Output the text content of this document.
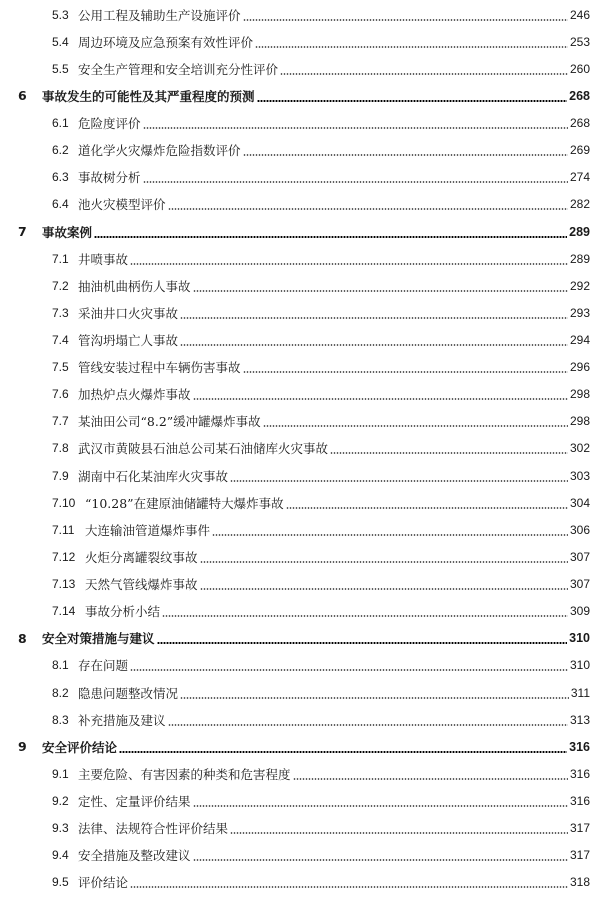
5.3 公用工程及辅助生产设施评价	246
5.4 周边环境及应急预案有效性评价	253
5.5 安全生产管理和安全培训充分性评价	260
6	事故发生的可能性及其严重程度的预测	268
6.1 危险度评价	268
6.2 道化学火灾爆炸危险指数评价	269
6.3 事故树分析	274
6.4 池火灾模型评价	282
7	事故案例	289
7.1 井喷事故	289
7.2 抽油机曲柄伤人事故	292
7.3 采油井口火灾事故	293
7.4 管沟坍塌亡人事故	294
7.5 管线安装过程中车辆伤害事故	296
7.6 加热炉点火爆炸事故	298
7.7 某油田公司“8.2”缓冲罐爆炸事故	298
7.8 武汉市黄陂县石油总公司某石油储库火灾事故	302
7.9 湖南中石化某油库火灾事故	303
7.10 “10.28”在建原油储罐特大爆炸事故	304
7.11 大连输油管道爆炸事件	306
7.12 火炬分离罐裂纹事故	307
7.13 天然气管线爆炸事故	307
7.14 事故分析小结	309
8	安全对策措施与建议	310
8.1 存在问题	310
8.2 隐患问题整改情况	311
8.3 补充措施及建议	313
9	安全评价结论	316
9.1 主要危险、有害因素的种类和危害程度	316
9.2 定性、定量评价结果	316
9.3 法律、法规符合性评价结果	317
9.4 安全措施及整改建议	317
9.5 评价结论	318
